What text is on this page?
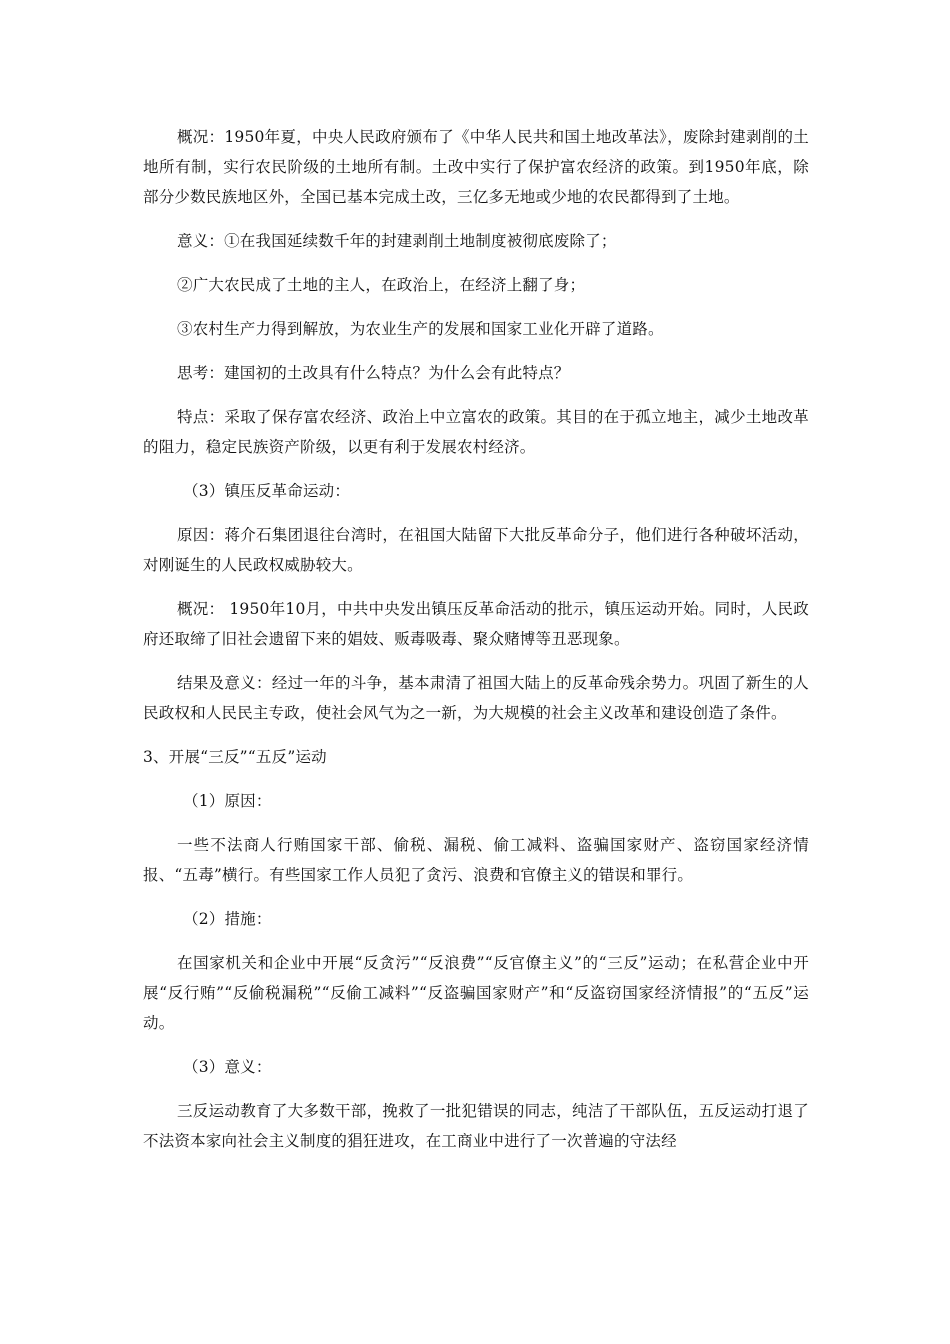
概况：1950年夏，中央人民政府颁布了《中华人民共和国土地改革法》，废除封建剥削的土地所有制，实行农民阶级的土地所有制。土改中实行了保护富农经济的政策。到1950年底，除部分少数民族地区外，全国已基本完成土改，三亿多无地或少地的农民都得到了土地。

意义：①在我国延续数千年的封建剥削土地制度被彻底废除了；

②广大农民成了土地的主人，在政治上，在经济上翻了身；

③农村生产力得到解放，为农业生产的发展和国家工业化开辟了道路。

思考：建国初的土改具有什么特点？为什么会有此特点？

特点：采取了保存富农经济、政治上中立富农的政策。其目的在于孤立地主，减少土地改革的阻力，稳定民族资产阶级，以更有利于发展农村经济。

（3）镇压反革命运动：

原因：蒋介石集团退往台湾时，在祖国大陆留下大批反革命分子，他们进行各种破坏活动，对刚诞生的人民政权威胁较大。

概况： 1950年10月，中共中央发出镇压反革命活动的批示，镇压运动开始。同时，人民政府还取缔了旧社会遗留下来的娼妓、贩毒吸毒、聚众赌博等丑恶现象。

结果及意义：经过一年的斗争，基本肃清了祖国大陆上的反革命残余势力。巩固了新生的人民政权和人民民主专政，使社会风气为之一新，为大规模的社会主义改革和建设创造了条件。

3、开展“三反”“五反”运动

（1）原因：

一些不法商人行贿国家干部、偷税、漏税、偷工减料、盗骗国家财产、盗窃国家经济情报、“五毒”横行。有些国家工作人员犯了贪污、浪费和官僚主义的错误和罪行。

（2）措施：

在国家机关和企业中开展“反贪污”“反浪费”“反官僚主义”的“三反”运动；在私营企业中开展“反行贿”“反偷税漏税”“反偷工减料”“反盗骗国家财产”和“反盗窃国家经济情报”的“五反”运动。

（3）意义：

三反运动教育了大多数干部，挽救了一批犯错误的同志，纯洁了干部队伍，五反运动打退了不法资本家向社会主义制度的猖狂进攻，在工商业中进行了一次普遍的守法经
